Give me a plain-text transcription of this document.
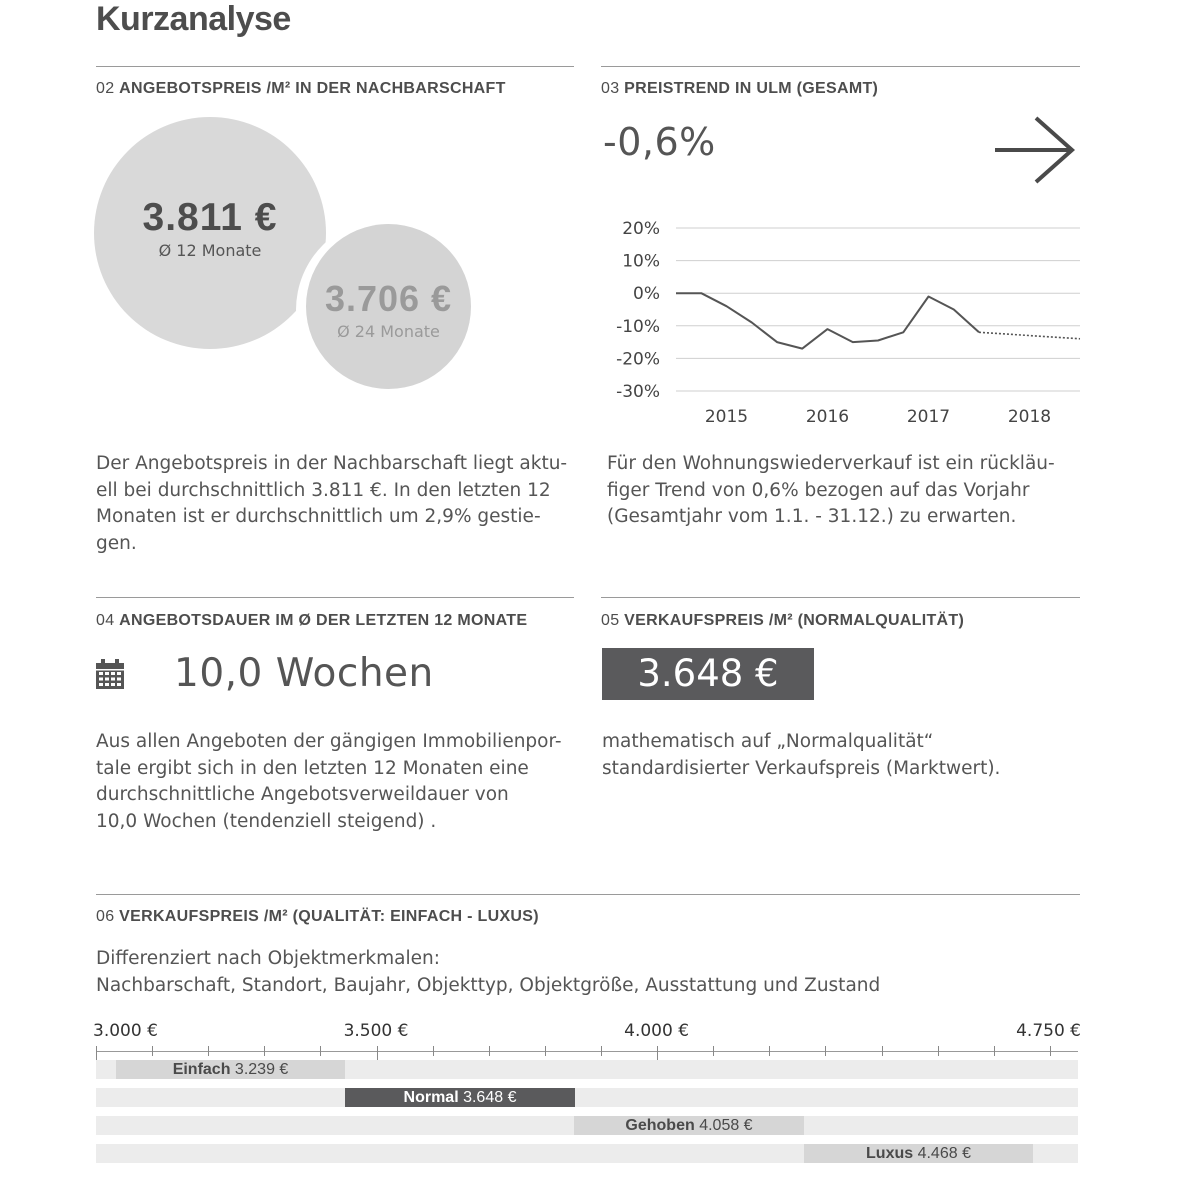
Kurzanalyse
02 ANGEBOTSPREIS /M² IN DER NACHBARSCHAFT
3.811 €
Ø 12 Monate
3.706 €
Ø 24 Monate
Der Angebotspreis in der Nachbarschaft liegt aktu-
ell bei durchschnittlich 3.811 €. In den letzten 12
Monaten ist er durchschnittlich um 2,9% gestie-
gen.
03 PREISTREND IN ULM (GESAMT)
-0,6%
20%
10%
0%
-10%
-20%
-30%
2015	2016	2017	2018
Für den Wohnungswiederverkauf ist ein rückläu-
figer Trend von 0,6% bezogen auf das Vorjahr
(Gesamtjahr vom 1.1. - 31.12.) zu erwarten.
04 ANGEBOTSDAUER IM Ø DER LETZTEN 12 MONATE
10,0 Wochen
Aus allen Angeboten der gängigen Immobilienpor-
tale ergibt sich in den letzten 12 Monaten eine
durchschnittliche Angebotsverweildauer von
10,0 Wochen (tendenziell steigend) .
05 VERKAUFSPREIS /M² (NORMALQUALITÄT)
3.648 €
mathematisch auf „Normalqualität“
standardisierter Verkaufspreis (Marktwert).
06 VERKAUFSPREIS /M² (QUALITÄT: EINFACH - LUXUS)
Differenziert nach Objektmerkmalen:
Nachbarschaft, Standort, Baujahr, Objekttyp, Objektgröße, Ausstattung und Zustand
3.000 €	3.500 €	4.000 €	4.750 €
Einfach 3.239 €
Normal 3.648 €
Gehoben 4.058 €
Luxus 4.468 €
